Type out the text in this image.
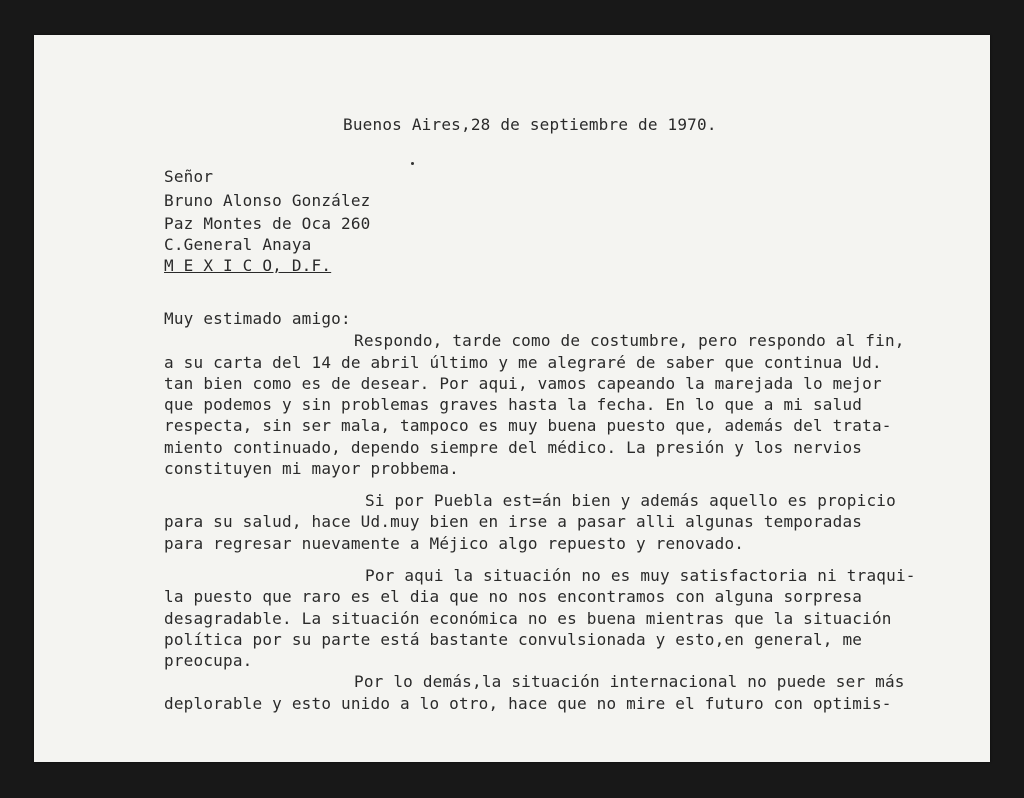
Buenos Aires,28 de septiembre de 1970.
Señor
Bruno Alonso González
Paz Montes de Oca 260
C.General Anaya
M E X I C O, D.F.
Muy estimado amigo:
Respondo, tarde como de costumbre, pero respondo al fin,
a su carta del 14 de abril último y me alegraré de saber que continua Ud.
tan bien como es de desear. Por aqui, vamos capeando la marejada lo mejor
que podemos y sin problemas graves hasta la fecha. En lo que a mi salud
respecta, sin ser mala, tampoco es muy buena puesto que, además del trata-
miento continuado, dependo siempre del médico. La presión y los nervios
constituyen mi mayor probbema.
Si por Puebla est=án bien y además aquello es propicio
para su salud, hace Ud.muy bien en irse a pasar alli algunas temporadas
para regresar nuevamente a Méjico algo repuesto y renovado.
Por aqui la situación no es muy satisfactoria ni traqui-
la puesto que raro es el dia que no nos encontramos con alguna sorpresa
desagradable. La situación económica no es buena mientras que la situación
política por su parte está bastante convulsionada y esto,en general, me
preocupa.
Por lo demás,la situación internacional no puede ser más
deplorable y esto unido a lo otro, hace que no mire el futuro con optimis-
